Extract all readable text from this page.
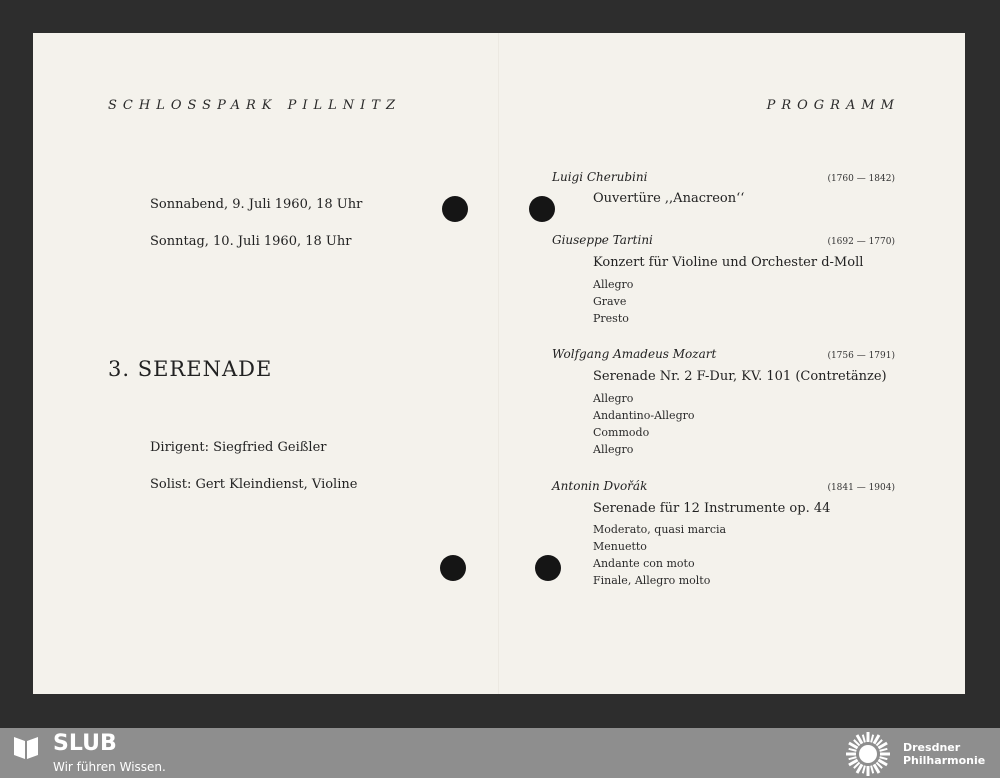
SCHLOSSPARK PILLNITZ
Sonnabend, 9. Juli 1960, 18 Uhr
Sonntag, 10. Juli 1960, 18 Uhr
3. SERENADE
Dirigent: Siegfried Geißler
Solist: Gert Kleindienst, Violine
PROGRAMM
Luigi Cherubini	(1760 — 1842)
Ouvertüre ,,Anacreon‘‘
Giuseppe Tartini	(1692 — 1770)
Konzert für Violine und Orchester d-Moll
Allegro
Grave
Presto
Wolfgang Amadeus Mozart	(1756 — 1791)
Serenade Nr. 2 F-Dur, KV. 101 (Contretänze)
Allegro
Andantino-Allegro
Commodo
Allegro
Antonin Dvořák	(1841 — 1904)
Serenade für 12 Instrumente op. 44
Moderato, quasi marcia
Menuetto
Andante con moto
Finale, Allegro molto
SLUB
Wir führen Wissen.
Dresdner
Philharmonie
